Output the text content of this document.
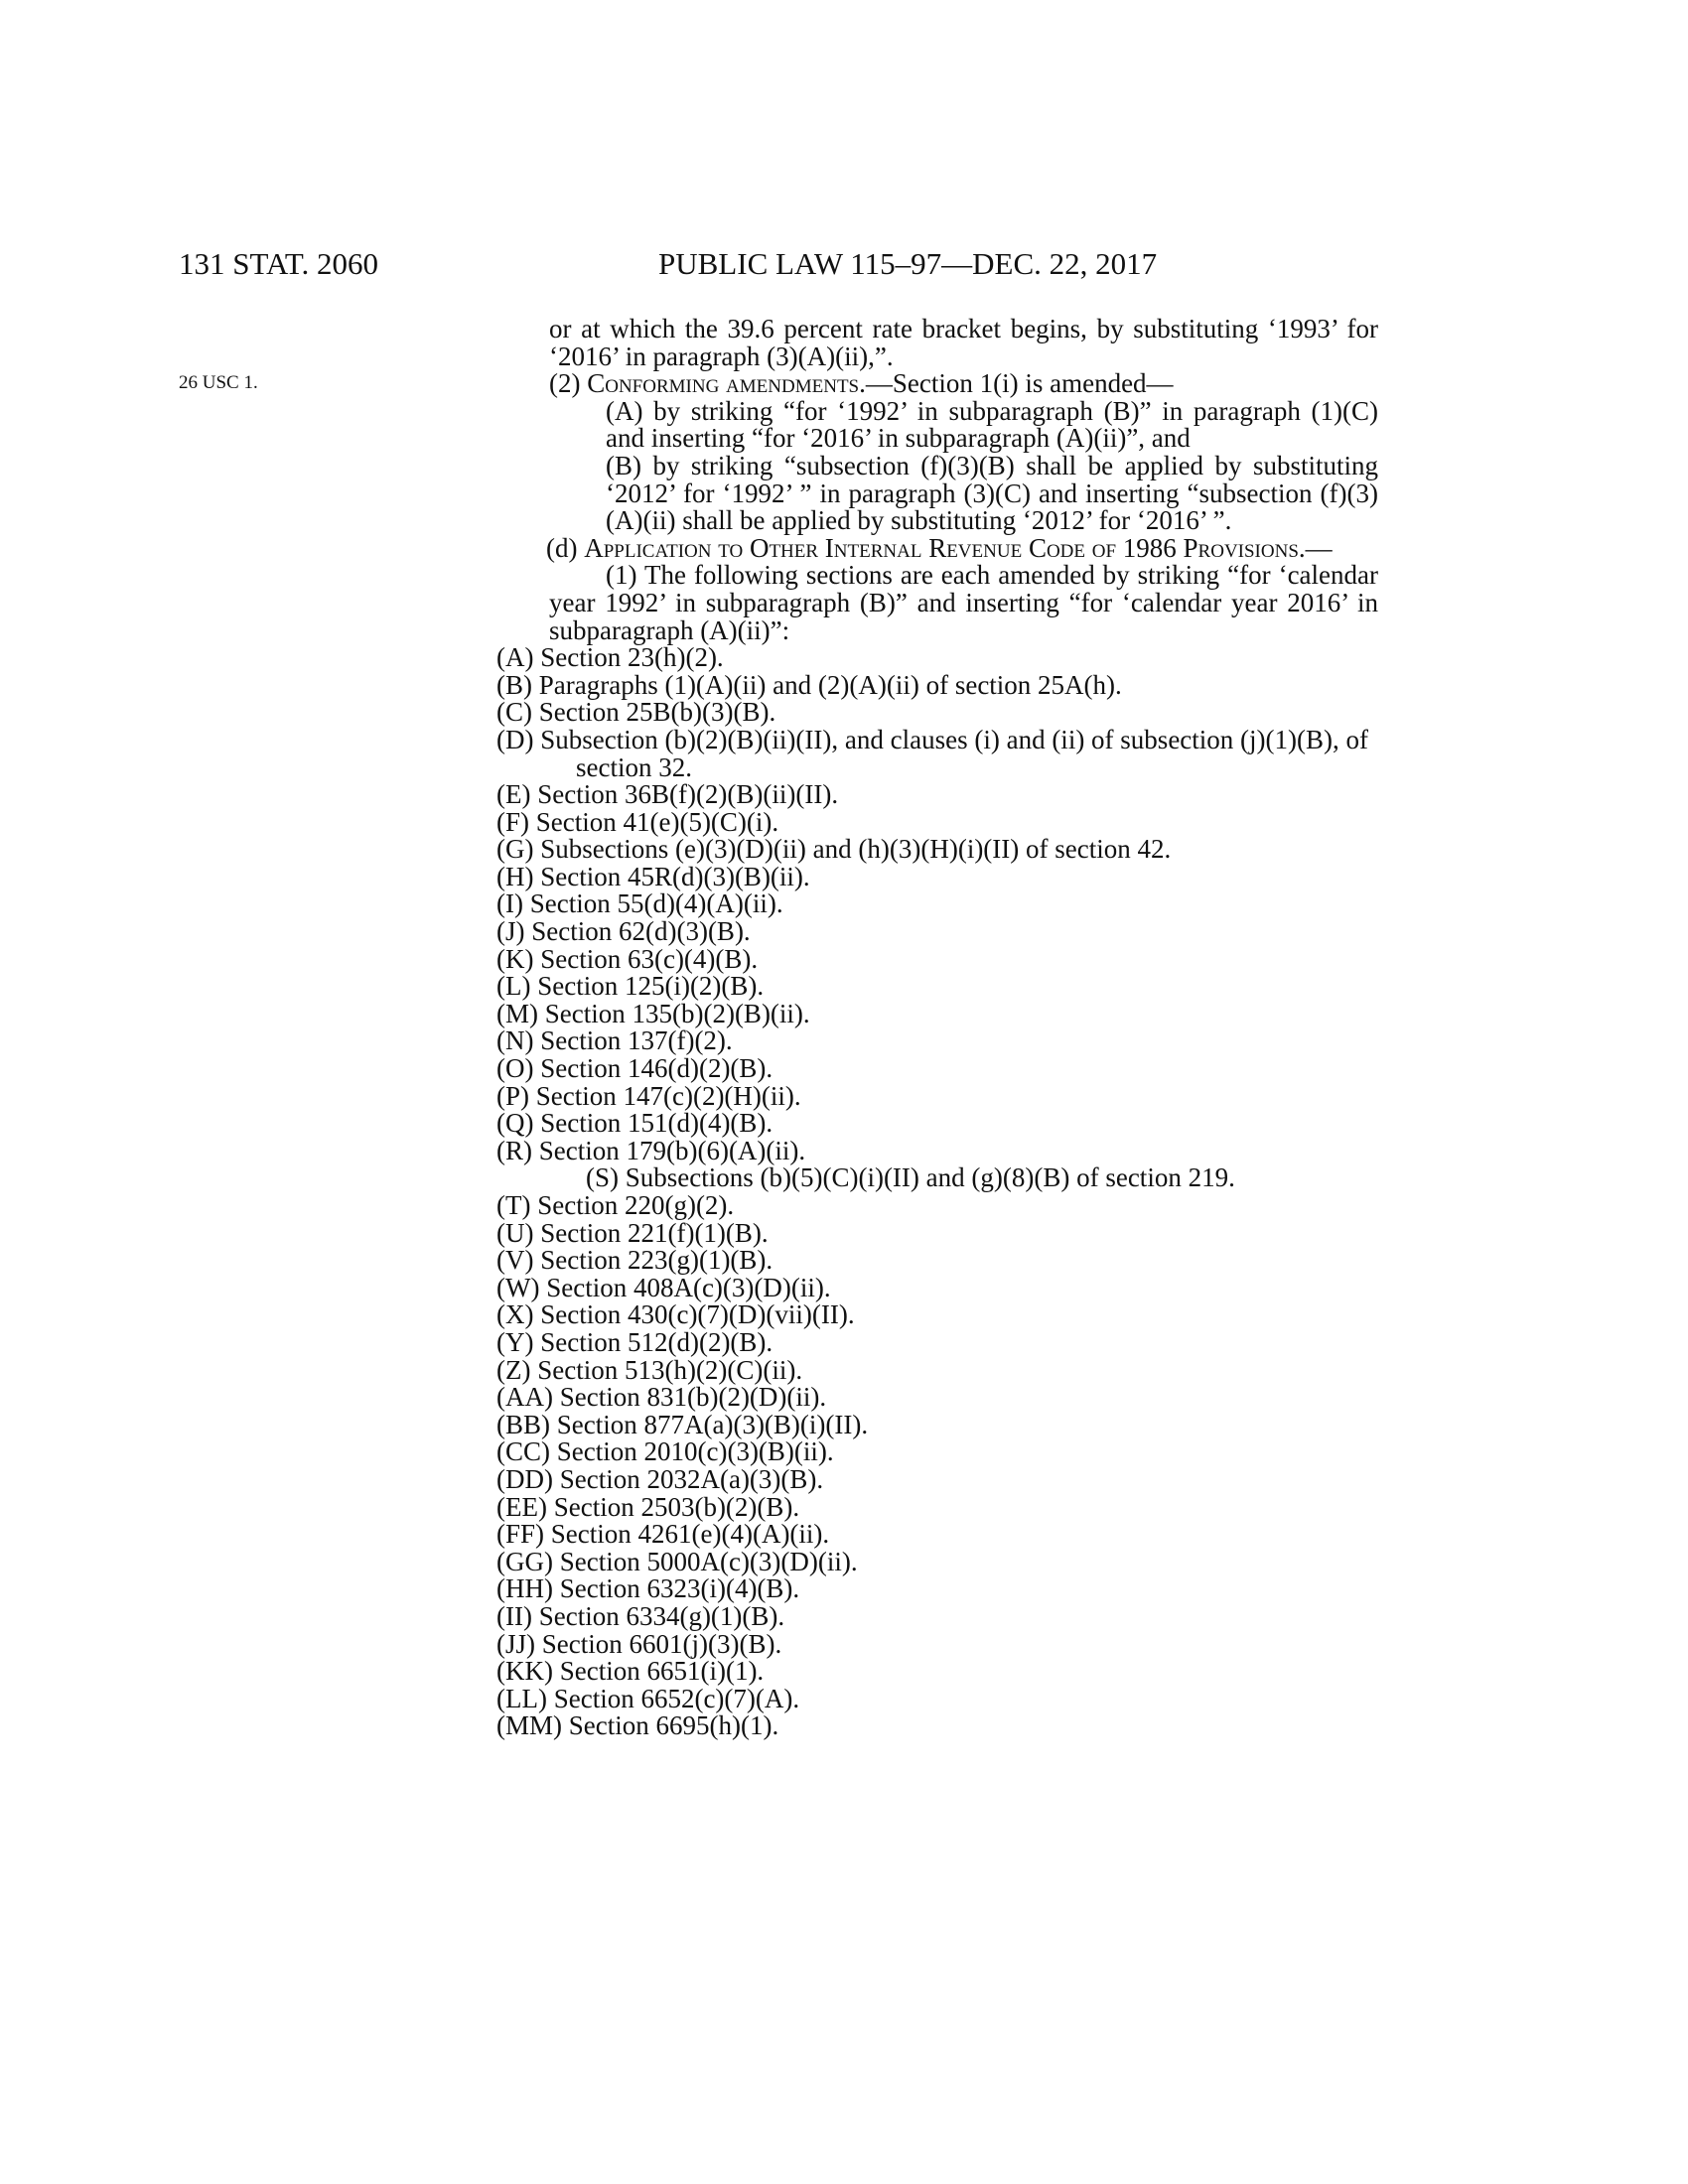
131 STAT. 2060	PUBLIC LAW 115–97—DEC. 22, 2017
26 USC 1.

or at which the 39.6 percent rate bracket begins, by substituting ‘1993’ for ‘2016’ in paragraph (3)(A)(ii),”.

(2) Conforming amendments.—Section 1(i) is amended—

(A) by striking “for ‘1992’ in subparagraph (B)” in paragraph (1)(C) and inserting “for ‘2016’ in subparagraph (A)(ii)”, and

(B) by striking “subsection (f)(3)(B) shall be applied by substituting ‘2012’ for ‘1992’ ” in paragraph (3)(C) and inserting “subsection (f)(3)(A)(ii) shall be applied by substituting ‘2012’ for ‘2016’ ”.

(d) Application to Other Internal Revenue Code of 1986 Provisions.—

(1) The following sections are each amended by striking “for ‘calendar year 1992’ in subparagraph (B)” and inserting “for ‘calendar year 2016’ in subparagraph (A)(ii)”:

(A) Section 23(h)(2).
(B) Paragraphs (1)(A)(ii) and (2)(A)(ii) of section 25A(h).
(C) Section 25B(b)(3)(B).
(D) Subsection (b)(2)(B)(ii)(II), and clauses (i) and (ii) of subsection (j)(1)(B), of section 32.
(E) Section 36B(f)(2)(B)(ii)(II).
(F) Section 41(e)(5)(C)(i).
(G) Subsections (e)(3)(D)(ii) and (h)(3)(H)(i)(II) of section 42.
(H) Section 45R(d)(3)(B)(ii).
(I) Section 55(d)(4)(A)(ii).
(J) Section 62(d)(3)(B).
(K) Section 63(c)(4)(B).
(L) Section 125(i)(2)(B).
(M) Section 135(b)(2)(B)(ii).
(N) Section 137(f)(2).
(O) Section 146(d)(2)(B).
(P) Section 147(c)(2)(H)(ii).
(Q) Section 151(d)(4)(B).
(R) Section 179(b)(6)(A)(ii).
(S) Subsections (b)(5)(C)(i)(II) and (g)(8)(B) of section 219.
(T) Section 220(g)(2).
(U) Section 221(f)(1)(B).
(V) Section 223(g)(1)(B).
(W) Section 408A(c)(3)(D)(ii).
(X) Section 430(c)(7)(D)(vii)(II).
(Y) Section 512(d)(2)(B).
(Z) Section 513(h)(2)(C)(ii).
(AA) Section 831(b)(2)(D)(ii).
(BB) Section 877A(a)(3)(B)(i)(II).
(CC) Section 2010(c)(3)(B)(ii).
(DD) Section 2032A(a)(3)(B).
(EE) Section 2503(b)(2)(B).
(FF) Section 4261(e)(4)(A)(ii).
(GG) Section 5000A(c)(3)(D)(ii).
(HH) Section 6323(i)(4)(B).
(II) Section 6334(g)(1)(B).
(JJ) Section 6601(j)(3)(B).
(KK) Section 6651(i)(1).
(LL) Section 6652(c)(7)(A).
(MM) Section 6695(h)(1).
